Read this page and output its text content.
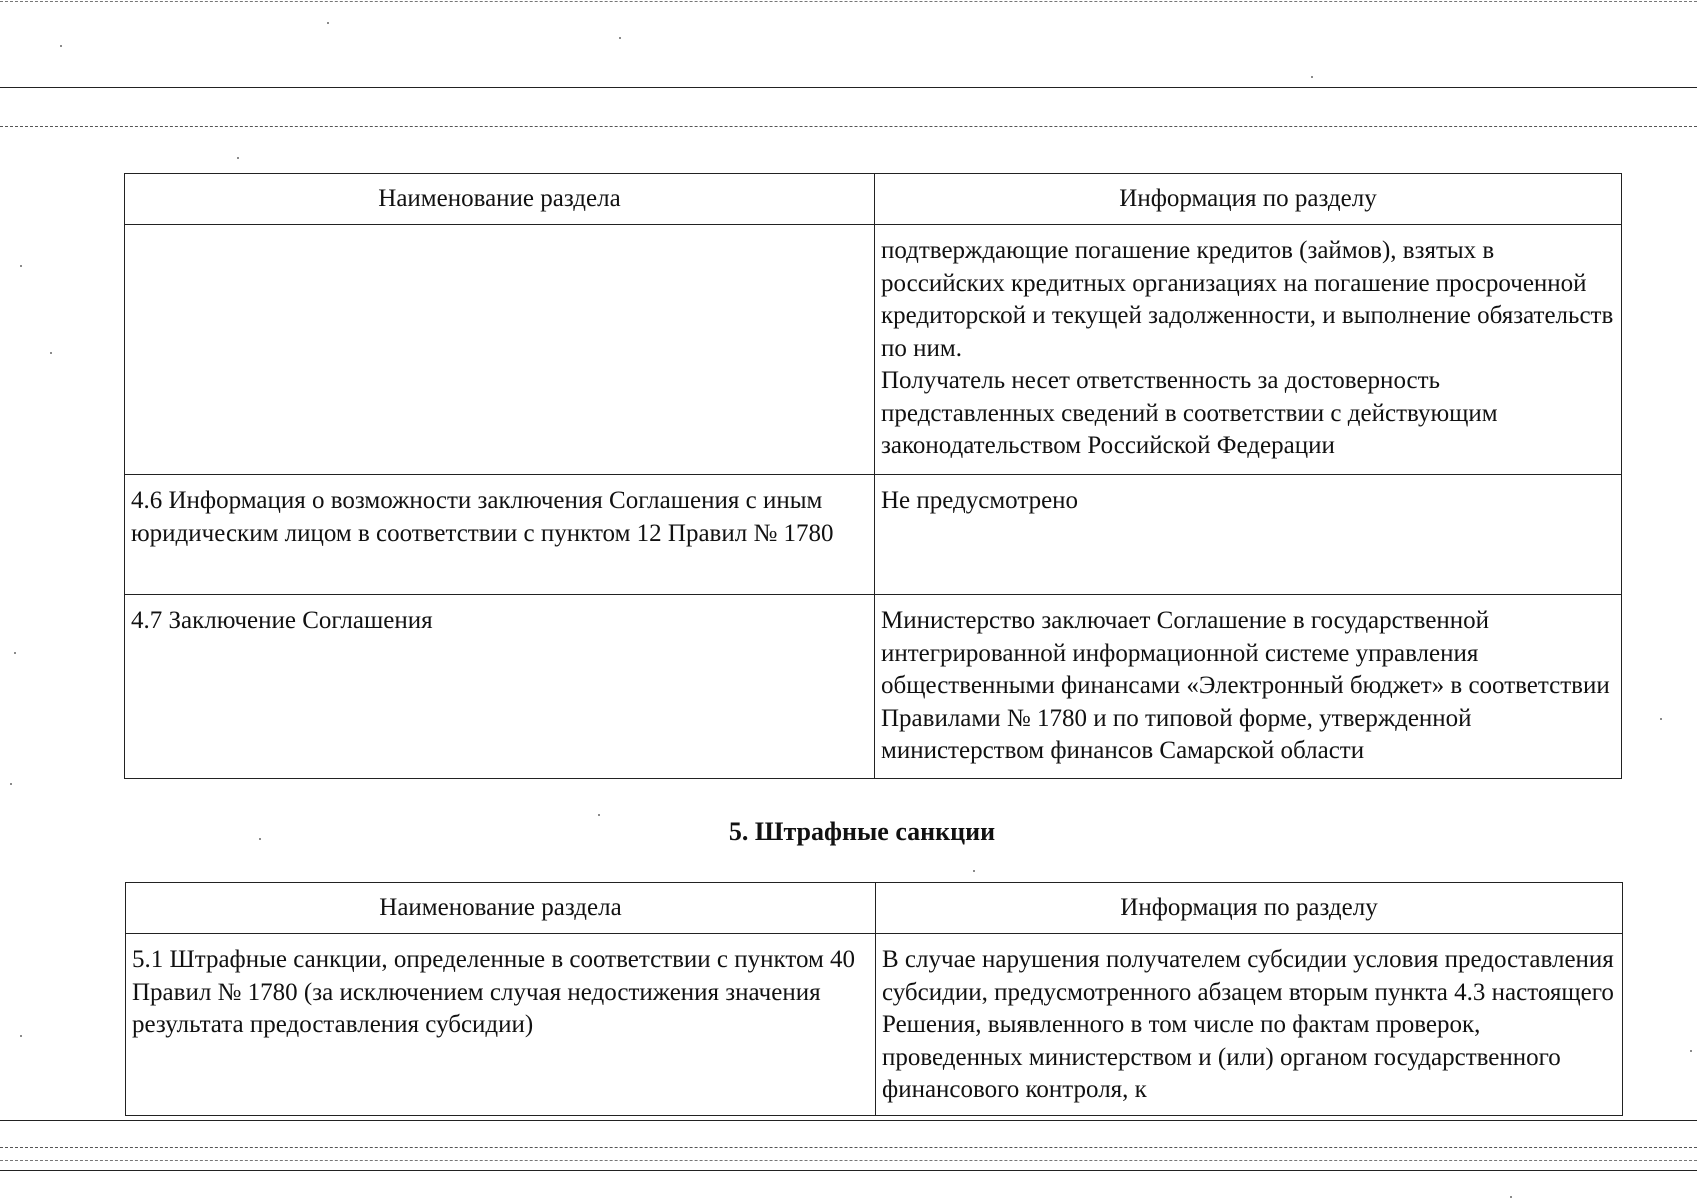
Наименование раздела	Информация по разделу

	подтверждающие погашение кредитов (займов), взятых в российских кредитных организациях на погашение просроченной кредиторской и текущей задолженности, и выполнение обязательств по ним.
Получатель несет ответственность за достоверность представленных сведений в соответствии с действующим законодательством Российской Федерации

4.6 Информация о возможности заключения Соглашения с иным юридическим лицом в соответствии с пунктом 12 Правил № 1780	Не предусмотрено

4.7 Заключение Соглашения	Министерство заключает Соглашение в государственной интегрированной информационной системе управления общественными финансами «Электронный бюджет» в соответствии Правилами № 1780 и по типовой форме, утвержденной министерством финансов Самарской области
5. Штрафные санкции
Наименование раздела	Информация по разделу
5.1 Штрафные санкции, определенные в соответствии с пунктом 40 Правил № 1780 (за исключением случая недостижения значения результата предоставления субсидии)	В случае нарушения получателем субсидии условия предоставления субсидии, предусмотренного абзацем вторым пункта 4.3 настоящего Решения, выявленного в том числе по фактам проверок, проведенных министерством и (или) органом государственного финансового контроля, к
